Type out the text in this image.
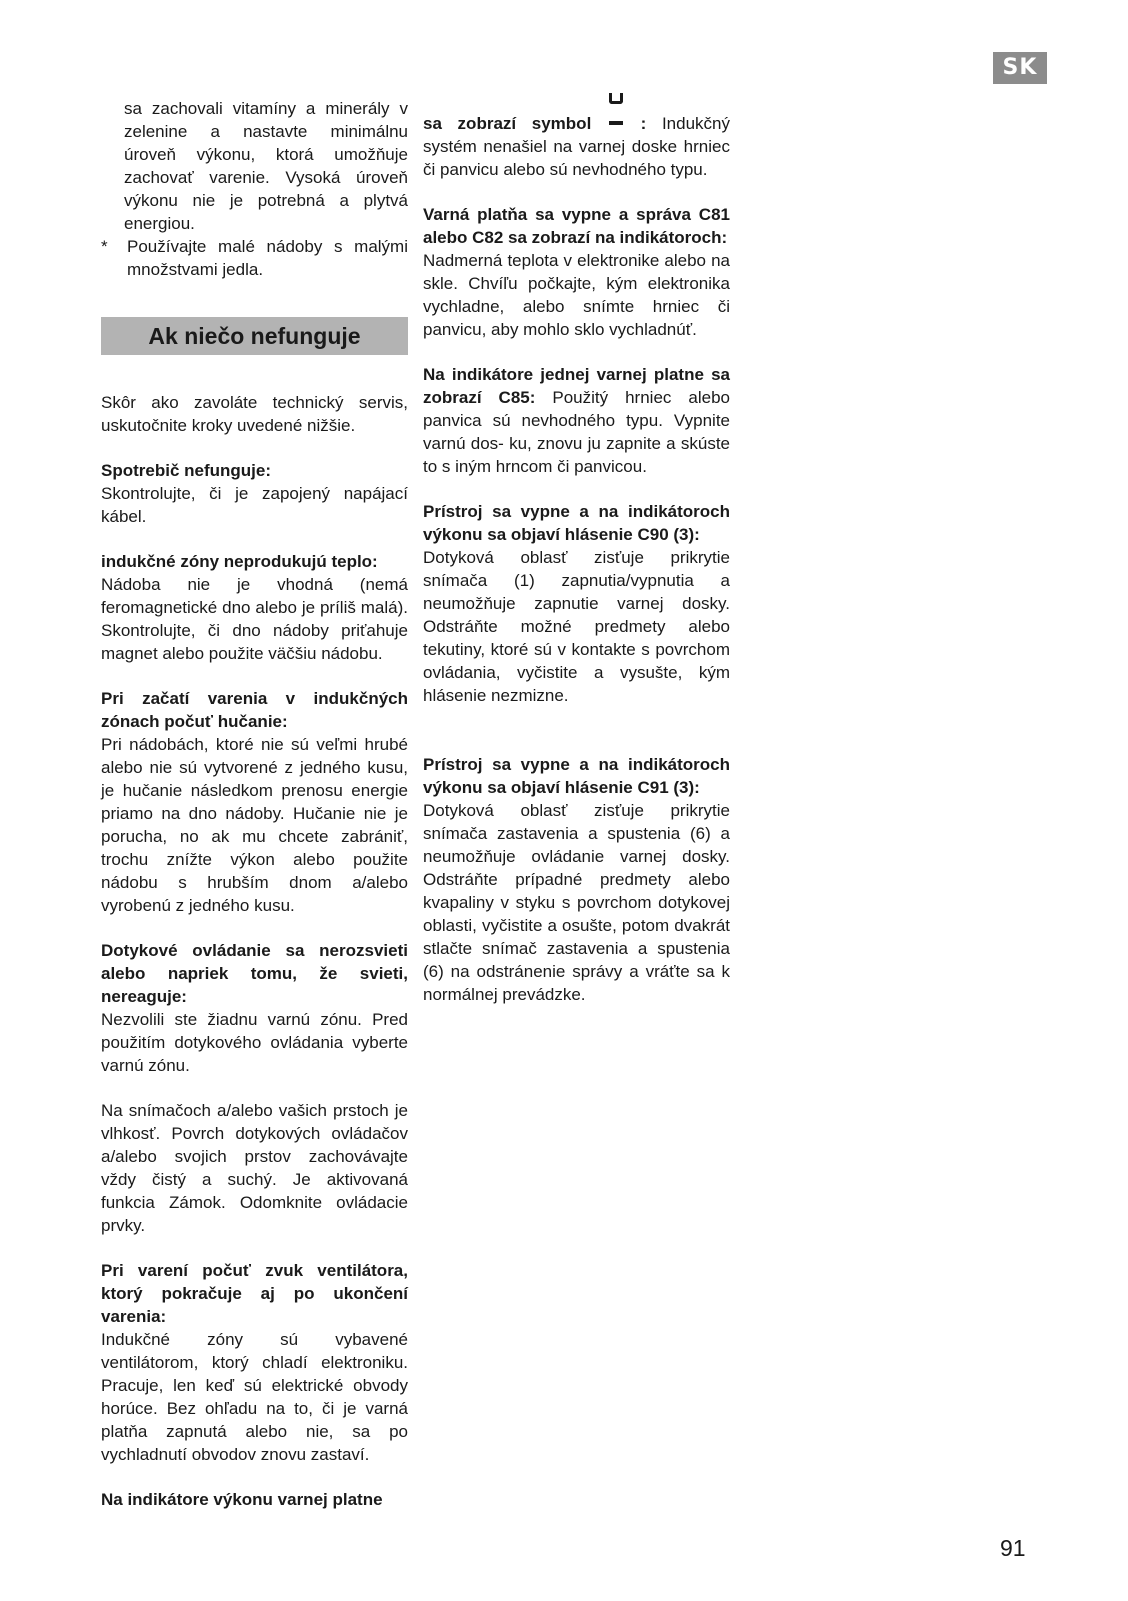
SK

sa zachovali vitamíny a minerály v zelenine a nastavte minimálnu úroveň výkonu, ktorá umožňuje zachovať varenie. Vysoká úroveň výkonu nie je potrebná a plytvá energiou.

*	Používajte malé nádoby s malými množstvami jedla.
Ak niečo nefunguje

Skôr ako zavoláte technický servis, uskutočnite kroky uvedené nižšie.

Spotrebič nefunguje:
Skontrolujte, či je zapojený napájací kábel.
indukčné zóny neprodukujú teplo:
Nádoba nie je vhodná (nemá feromagnetické dno alebo je príliš malá). Skontrolujte, či dno nádoby priťahuje magnet alebo použite väčšiu nádobu.
Pri začatí varenia v indukčných zónach počuť hučanie:
Pri nádobách, ktoré nie sú veľmi hrubé alebo nie sú vytvorené z jedného kusu, je hučanie následkom prenosu energie priamo na dno nádoby. Hučanie nie je porucha, no ak mu chcete zabrániť, trochu znížte výkon alebo použite nádobu s hrubším dnom a/alebo vyrobenú z jedného kusu.
Dotykové ovládanie sa nerozsvieti alebo napriek tomu, že svieti, nereaguje:
Nezvolili ste žiadnu varnú zónu. Pred použitím dotykového ovládania vyberte varnú zónu.
Na snímačoch a/alebo vašich prstoch je vlhkosť. Povrch dotykových ovládačov a/alebo svojich prstov zachovávajte vždy čistý a suchý. Je aktivovaná funkcia Zámok. Odomknite ovládacie prvky.
Pri varení počuť zvuk ventilátora, ktorý pokračuje aj po ukončení varenia:
Indukčné zóny sú vybavené ventilátorom, ktorý chladí elektroniku. Pracuje, len keď sú elektrické obvody horúce. Bez ohľadu na to, či je varná platňa zapnutá alebo nie, sa po vychladnutí obvodov znovu zastaví.
Na indikátore výkonu varnej platne
sa zobrazí symbol	: Indukčný systém nenašiel na varnej doske hrniec či panvicu alebo sú nevhodného typu.
Varná platňa sa vypne a správa C81 alebo C82 sa zobrazí na indikátoroch:
Nadmerná teplota v elektronike alebo na skle. Chvíľu počkajte, kým elektronika vychladne, alebo snímte hrniec či panvicu, aby mohlo sklo vychladnúť.
Na indikátore jednej varnej platne sa zobrazí C85: Použitý hrniec alebo panvica sú nevhodného typu. Vypnite varnú dos- ku, znovu ju zapnite a skúste to s iným hrncom či panvicou.
Prístroj sa vypne a na indikátoroch výkonu sa objaví hlásenie C90 (3):
Dotyková oblasť zisťuje prikrytie snímača (1) zapnutia/vypnutia a neumožňuje zapnutie varnej dosky. Odstráňte možné predmety alebo tekutiny, ktoré sú v kontakte s povrchom ovládania, vyčistite a vysušte, kým hlásenie nezmizne.
Prístroj sa vypne a na indikátoroch výkonu sa objaví hlásenie C91 (3):
Dotyková oblasť zisťuje prikrytie snímača zastavenia a spustenia (6) a neumožňuje ovládanie varnej dosky. Odstráňte prípadné predmety alebo kvapaliny v styku s povrchom dotykovej oblasti, vyčistite a osušte, potom dvakrát stlačte snímač zastavenia a spustenia (6) na odstránenie správy a vráťte sa k normálnej prevádzke.
91
